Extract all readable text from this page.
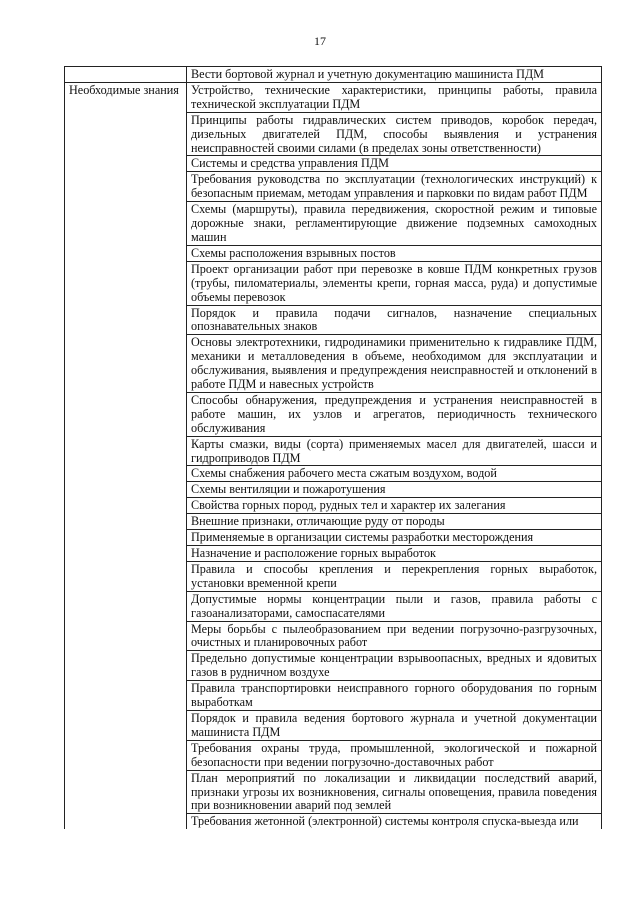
17
	Вести бортовой журнал и учетную документацию машиниста ПДМ
Необходимые знания	Устройство, технические характеристики, принципы работы, правила технической эксплуатации ПДМ
	Принципы работы гидравлических систем приводов, коробок передач, дизельных двигателей ПДМ, способы выявления и устранения неисправностей своими силами (в пределах зоны ответственности)
	Системы и средства управления ПДМ
	Требования руководства по эксплуатации (технологических инструкций) к безопасным приемам, методам управления и парковки по видам работ ПДМ
	Схемы (маршруты), правила передвижения, скоростной режим и типовые дорожные знаки, регламентирующие движение подземных самоходных машин
	Схемы расположения взрывных постов
	Проект организации работ при перевозке в ковше ПДМ конкретных грузов (трубы, пиломатериалы, элементы крепи, горная масса, руда) и допустимые объемы перевозок
	Порядок и правила подачи сигналов, назначение специальных опознавательных знаков
	Основы электротехники, гидродинамики применительно к гидравлике ПДМ, механики и металловедения в объеме, необходимом для эксплуатации и обслуживания, выявления и предупреждения неисправностей и отклонений в работе ПДМ и навесных устройств
	Способы обнаружения, предупреждения и устранения неисправностей в работе машин, их узлов и агрегатов, периодичность технического обслуживания
	Карты смазки, виды (сорта) применяемых масел для двигателей, шасси и гидроприводов ПДМ
	Схемы снабжения рабочего места сжатым воздухом, водой
	Схемы вентиляции и пожаротушения
	Свойства горных пород, рудных тел и характер их залегания
	Внешние признаки, отличающие руду от породы
	Применяемые в организации системы разработки месторождения
	Назначение и расположение горных выработок
	Правила и способы крепления и перекрепления горных выработок, установки временной крепи
	Допустимые нормы концентрации пыли и газов, правила работы с газоанализаторами, самоспасателями
	Меры борьбы с пылеобразованием при ведении погрузочно-разгрузочных, очистных и планировочных работ
	Предельно допустимые концентрации взрывоопасных, вредных и ядовитых газов в рудничном воздухе
	Правила транспортировки неисправного горного оборудования по горным выработкам
	Порядок и правила ведения бортового журнала и учетной документации машиниста ПДМ
	Требования охраны труда, промышленной, экологической и пожарной безопасности при ведении погрузочно-доставочных работ
	План мероприятий по локализации и ликвидации последствий аварий, признаки угрозы их возникновения, сигналы оповещения, правила поведения при возникновении аварий под землей
	Требования жетонной (электронной) системы контроля спуска-выезда или
